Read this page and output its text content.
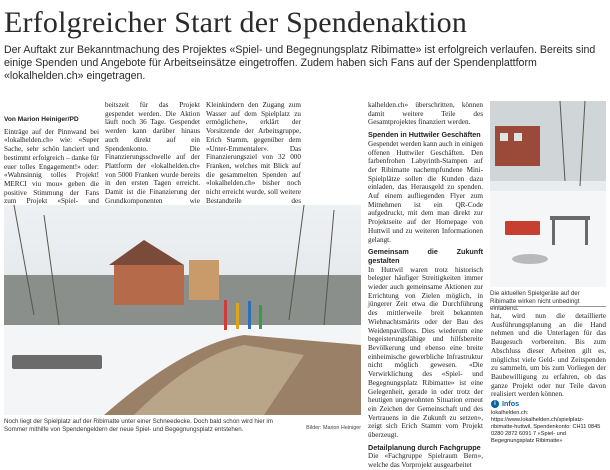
Erfolgreicher Start der Spendenaktion
Der Auftakt zur Bekanntmachung des Projektes «Spiel- und Begegnungsplatz Ribimatte» ist erfolgreich verlaufen. Bereits sind einige Spenden und Angebote für Arbeitseinsätze eingetroffen. Zudem haben sich Fans auf der Spendenplattform «lokalhelden.ch» eingetragen.

Von Marion Heiniger/PD

Einträge auf der Pinnwand bei «lokalhelden.ch» wie: «Super Sache, sehr schön lanciert und bestimmt erfolgreich – danke für euer tolles Engagement!» oder: «Wahnsinnig tolles Projekt! MERCI viu mou» geben die positive Stimmung der Fans zum Projekt «Spiel- und

beitszeit für das Projekt gespendet werden. Die Aktion läuft noch 36 Tage. Gespendet werden kann darüber hinaus auch direkt auf ein Spendenkonto. Die Finanzierungsschwelle auf der Plattform der «lokalhelden.ch» von 5000 Franken wurde bereits in den ersten Tagen erreicht. Damit ist die Finanzierung der Grundkomponenten wie

Kleinkindern den Zugang zum Wasser auf dem Spielplatz zu ermöglichen», erklärt der Vorsitzende der Arbeitsgruppe, Erich Stamm, gegenüber dem «Unter-Emmentaler». Das Finanzierungsziel von 32 000 Franken, welches mit Blick auf die gesammelten Spenden auf «lokalhelden.ch» bisher noch nicht erreicht wurde, soll weitere Bestandteile des

kalhelden.ch» überschritten, können damit weitere Teile des Gesamtprojektes finanziert werden.

Spenden in Huttwiler Geschäften

Gespendet werden kann auch in einigen offenen Huttwiler Geschäften. Den farbenfrohen Labyrinth-Stampen auf der Ribimatte nachempfundene Mini-Spielplätze sollen die Kunden dazu einladen, das Herausgeld zu spenden. Auf einem aufliegenden Flyer zum Mitnehmen ist ein QR-Code aufgedruckt, mit dem man direkt zur Projektseite auf der Homepage von Huttwil und zu weiteren Informationen gelangt.

Gemeinsam die Zukunft gestalten

In Huttwil waren trotz historisch belegter häufiger Streitigkeiten immer wieder auch gemeinsame Aktionen zur Errichtung von Zielen möglich, in jüngerer Zeit etwa die Durchführung des mittlerweile breit bekannten Wiehnachtsmärits oder der Bau des Weidenpavillons. Dies wiederum eine begeisterungsfähige und hilfsbereite Bevölkerung und ebenso eine breite einheimische gewerbliche Infrastruktur nicht möglich gewesen. «Die Verwirklichung des «Spiel- und Begegnungsplatz Ribimatte» ist eine Gelegenheit, gerade in oder trotz der heutigen ungewohnten Situation erneut ein Zeichen der Gemeinschaft und des Vertrauens in die Zukunft zu setzen», zeigt sich Erich Stamm vom Projekt überzeugt.

Detailplanung durch Fachgruppe

Die «Fachgruppe Spielraum Bern», welche das Vorprojekt ausgearbeitet

Noch liegt der Spielplatz auf der Ribimatte unter einer Schneedecke. Doch bald schon wird hier im Sommer mithilfe von Spendengeldern der neue Spiel- und Begegnungsplatz entstehen.	Bilder: Marion Heiniger
Die aktuellen Spielgeräte auf der Ribimatte wirken nicht unbedingt einladend.

hat, wird nun die detaillierte Ausführungsplanung an die Hand nehmen und die Unterlagen für das Baugesuch vorbereiten. Bis zum Abschluss dieser Arbeiten gilt es, möglichst viele Geld- und Zeitspenden zu sammeln, um bis zum Vorliegen der Baubewilligung zu erfahren, ob das ganze Projekt oder nur Teile davon realisiert werden können.

i Infos
lokalhelden.ch: https://www.lokalhelden.ch/spielplatz-ribimatte-huttwil, Spendenkonto: CH11 0845 0280 2872 6091 7 «Spiel- und Begegnungsplatz Ribimatte»
